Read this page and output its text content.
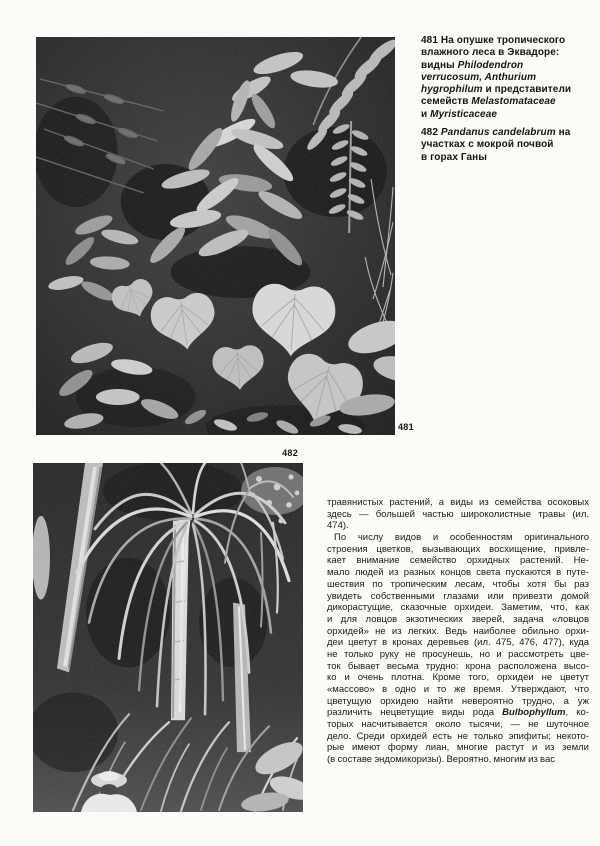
481
482

481 На опушке тропического
влажного леса в Эквадоре:
видны Philodendron
verrucosum, Anthurium
hygrophilum и представители
семейств Melastomataceae
и Myristicaceae

482 Pandanus candelabrum на
участках с мокрой почвой
в горах Ганы

травянистых растений, а виды из семейства осоковых
здесь — большей частью широколистные травы (ил.
474).
По числу видов и особенностям оригинального
строения цветков, вызывающих восхищение, привле-
кает внимание семейство орхидных растений. Не-
мало людей из разных концов света пускаются в путе-
шествия по тропическим лесам, чтобы хотя бы раз
увидеть собственными глазами или привезти домой
дикорастущие, сказочные орхидеи. Заметим, что, как
и для ловцов экзотических зверей, задача «ловцов
орхидей» не из легких. Ведь наиболее обильно орхи-
деи цветут в кронах деревьев (ил. 475, 476, 477), куда
не только руку не просунешь, но и рассмотреть цве-
ток бывает весьма трудно: крона расположена высо-
ко и очень плотна. Кроме того, орхидеи не цветут
«массово» в одно и то же время. Утверждают, что
цветущую орхидею найти невероятно трудно, а уж
различить нецветущие виды рода Bulbophyllum, ко-
торых насчитывается около тысячи, — не шуточное
дело. Среди орхидей есть не только эпифиты; некото-
рые имеют форму лиан, многие растут и из земли
(в составе эндомикоризы). Вероятно, многим из вас
